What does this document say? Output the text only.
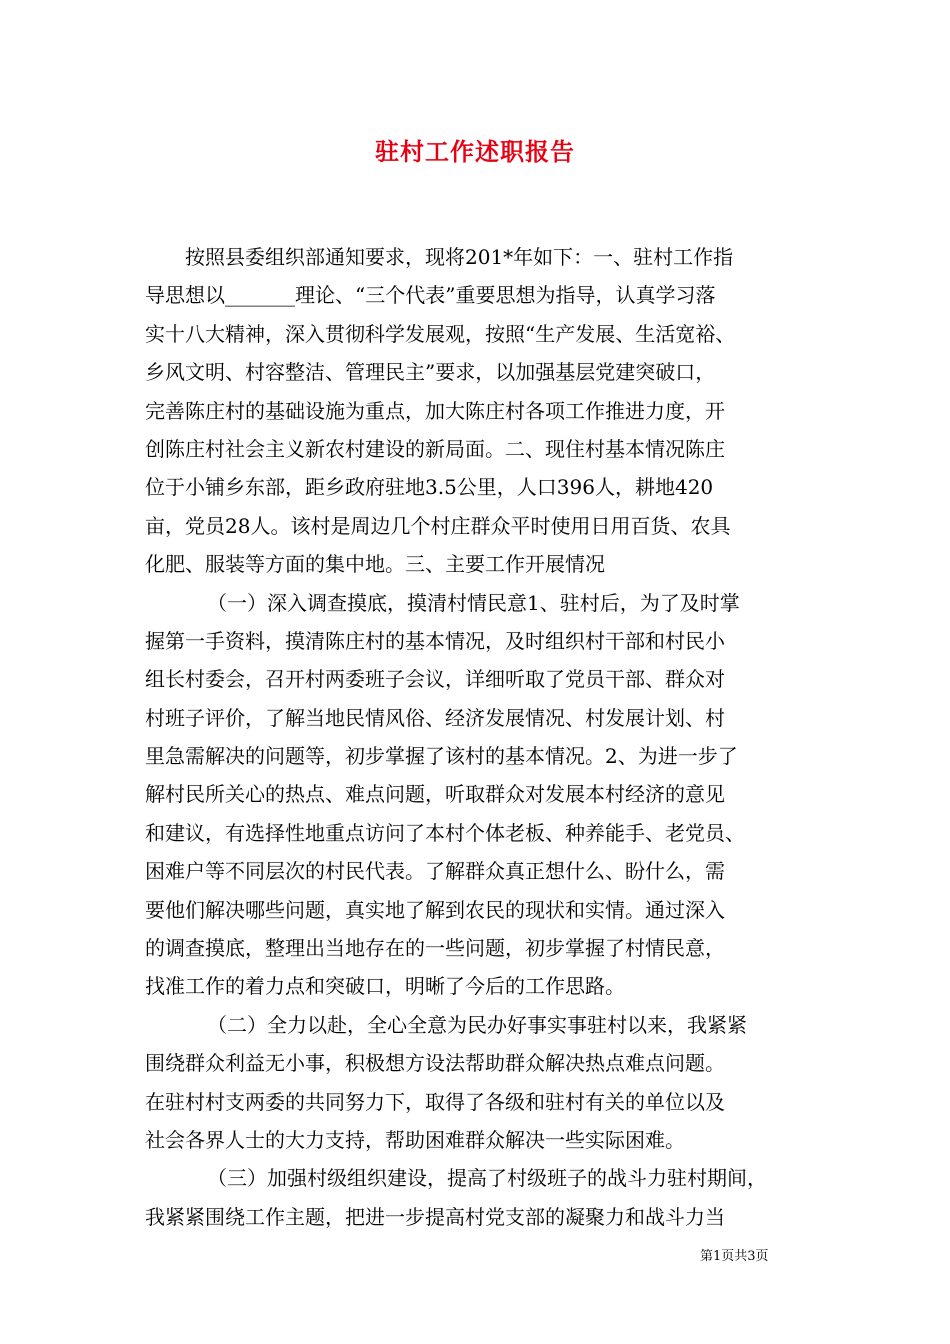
驻村工作述职报告
按照县委组织部通知要求，现将201*年如下：一、驻村工作指
导思想以_______理论、“三个代表”重要思想为指导，认真学习落
实十八大精神，深入贯彻科学发展观，按照“生产发展、生活宽裕、
乡风文明、村容整洁、管理民主”要求，以加强基层党建突破口，
完善陈庄村的基础设施为重点，加大陈庄村各项工作推进力度，开
创陈庄村社会主义新农村建设的新局面。二、现住村基本情况陈庄
位于小铺乡东部，距乡政府驻地3.5公里，人口396人，耕地420
亩，党员28人。该村是周边几个村庄群众平时使用日用百货、农具
化肥、服装等方面的集中地。三、主要工作开展情况
（一）深入调查摸底，摸清村情民意1、驻村后，为了及时掌
握第一手资料，摸清陈庄村的基本情况，及时组织村干部和村民小
组长村委会，召开村两委班子会议，详细听取了党员干部、群众对
村班子评价，了解当地民情风俗、经济发展情况、村发展计划、村
里急需解决的问题等，初步掌握了该村的基本情况。2、为进一步了
解村民所关心的热点、难点问题，听取群众对发展本村经济的意见
和建议，有选择性地重点访问了本村个体老板、种养能手、老党员、
困难户等不同层次的村民代表。了解群众真正想什么、盼什么，需
要他们解决哪些问题，真实地了解到农民的现状和实情。通过深入
的调查摸底，整理出当地存在的一些问题，初步掌握了村情民意，
找准工作的着力点和突破口，明晰了今后的工作思路。
（二）全力以赴，全心全意为民办好事实事驻村以来，我紧紧
围绕群众利益无小事，积极想方设法帮助群众解决热点难点问题。
在驻村村支两委的共同努力下，取得了各级和驻村有关的单位以及
社会各界人士的大力支持，帮助困难群众解决一些实际困难。
（三）加强村级组织建设，提高了村级班子的战斗力驻村期间，
我紧紧围绕工作主题，把进一步提高村党支部的凝聚力和战斗力当
第1页共3页
